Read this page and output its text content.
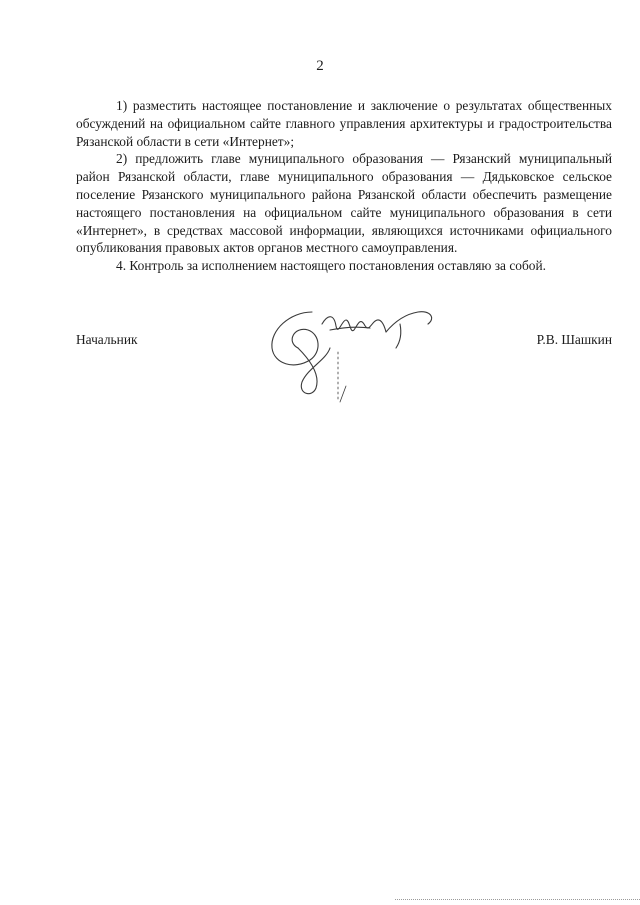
2

1) разместить настоящее постановление и заключение о результатах общественных обсуждений на официальном сайте главного управления архитектуры и градостроительства Рязанской области в сети «Интернет»;

2) предложить главе муниципального образования — Рязанский муниципальный район Рязанской области, главе муниципального образования — Дядьковское сельское поселение Рязанского муниципального района Рязанской области обеспечить размещение настоящего постановления на официальном сайте муниципального образования в сети «Интернет», в средствах массовой информации, являющихся источниками официального опубликования правовых актов органов местного самоуправления.

4. Контроль за исполнением настоящего постановления оставляю за собой.

Начальник	Р.В. Шашкин
